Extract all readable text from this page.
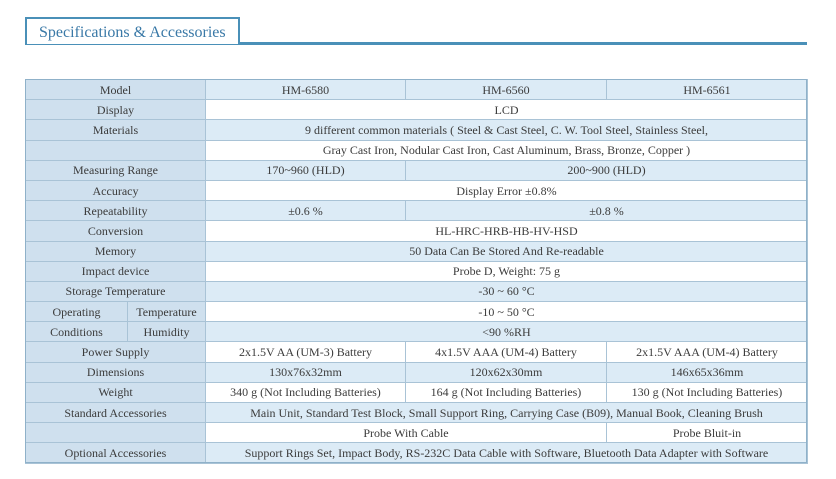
Specifications & Accessories
Model		HM-6580	HM-6560	HM-6561
Display		LCD		
Materials		9 different common materials ( Steel & Cast Steel, C. W. Tool Steel, Stainless Steel,		
		Gray Cast Iron, Nodular Cast Iron, Cast Aluminum, Brass, Bronze, Copper )		
Measuring Range		170~960 (HLD)	200~900 (HLD)	
Accuracy		Display Error ±0.8%		
Repeatability		±0.6 %	±0.8 %	
Conversion		HL-HRC-HRB-HB-HV-HSD		
Memory		50 Data Can Be Stored And Re-readable		
Impact device		Probe D, Weight: 75 g		
Storage Temperature		-30 ~ 60 °C		
Operating	Temperature	-10 ~ 50 °C		
Conditions	Humidity	<90 %RH		
Power Supply		2x1.5V AA (UM-3) Battery	4x1.5V AAA (UM-4) Battery	2x1.5V AAA (UM-4) Battery
Dimensions		130x76x32mm	120x62x30mm	146x65x36mm
Weight		340 g (Not Including Batteries)	164 g (Not Including Batteries)	130 g (Not Including Batteries)
Standard Accessories		Main Unit, Standard Test Block, Small Support Ring, Carrying Case (B09), Manual Book, Cleaning Brush		
		Probe With Cable		Probe Bluit-in
Optional Accessories		Support Rings Set, Impact Body, RS-232C Data Cable with Software, Bluetooth Data Adapter with Software		
